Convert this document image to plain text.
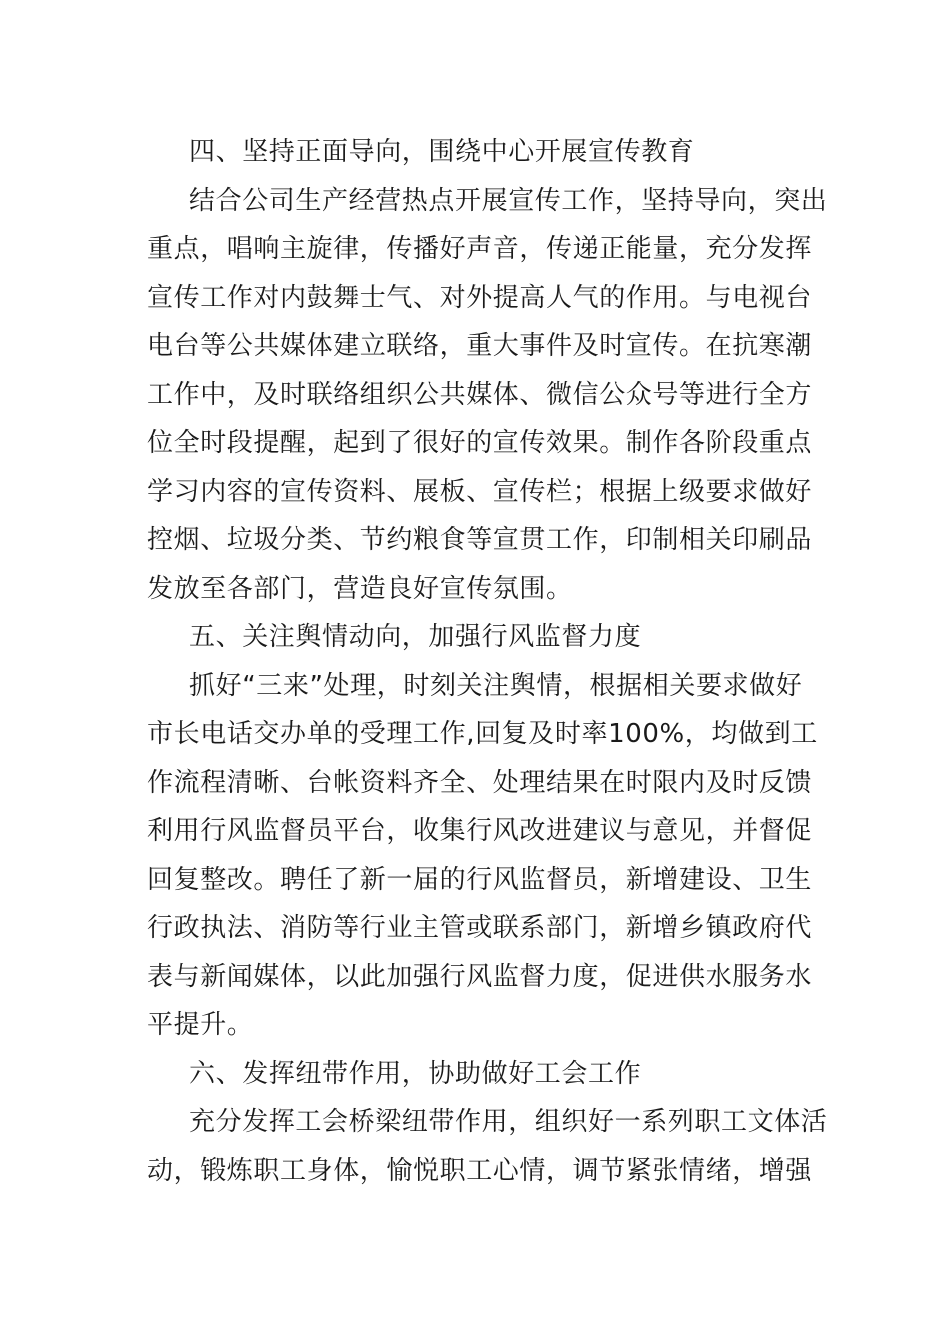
四、坚持正面导向，围绕中心开展宣传教育
结合公司生产经营热点开展宣传工作，坚持导向，突出
重点，唱响主旋律，传播好声音，传递正能量，充分发挥
宣传工作对内鼓舞士气、对外提高人气的作用。与电视台
电台等公共媒体建立联络，重大事件及时宣传。在抗寒潮
工作中，及时联络组织公共媒体、微信公众号等进行全方
位全时段提醒，起到了很好的宣传效果。制作各阶段重点
学习内容的宣传资料、展板、宣传栏；根据上级要求做好
控烟、垃圾分类、节约粮食等宣贯工作，印制相关印刷品
发放至各部门，营造良好宣传氛围。
五、关注舆情动向，加强行风监督力度
抓好“三来”处理，时刻关注舆情，根据相关要求做好
市长电话交办单的受理工作,回复及时率100%，均做到工
作流程清晰、台帐资料齐全、处理结果在时限内及时反馈
利用行风监督员平台，收集行风改进建议与意见，并督促
回复整改。聘任了新一届的行风监督员，新增建设、卫生
行政执法、消防等行业主管或联系部门，新增乡镇政府代
表与新闻媒体，以此加强行风监督力度，促进供水服务水
平提升。
六、发挥纽带作用，协助做好工会工作
充分发挥工会桥梁纽带作用，组织好一系列职工文体活
动，锻炼职工身体，愉悦职工心情，调节紧张情绪，增强
